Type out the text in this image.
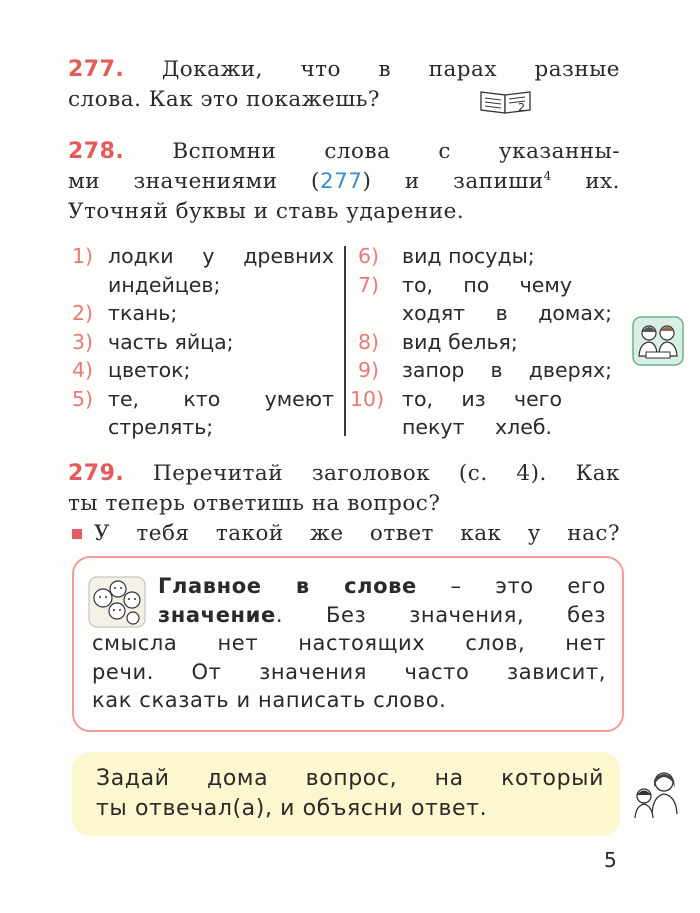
277. Докажи, что в парах разные
слова. Как это покажешь?	2
278. Вспомни слова с указанны-
ми значениями (277) и запиши$^4$ их.
Уточняй буквы и ставь ударение.
1) лодки у древних
индейцев;
2) ткань;
3) часть яйца;
4) цветок;
5) те, кто умеют
стрелять;
6) вид посуды;
7) то, по чему
ходят в домах;
8) вид белья;
9) запор в дверях;
10) то, из чего
пекут хлеб.
279. Перечитай заголовок (с. 4). Как
ты теперь ответишь на вопрос?
У тебя такой же ответ как у нас?
Главное в слове – это его
значение. Без значения, без
смысла нет настоящих слов, нет
речи. От значения часто зависит,
как сказать и написать слово.
Задай дома вопрос, на который
ты отвечал(а), и объясни ответ.
5
